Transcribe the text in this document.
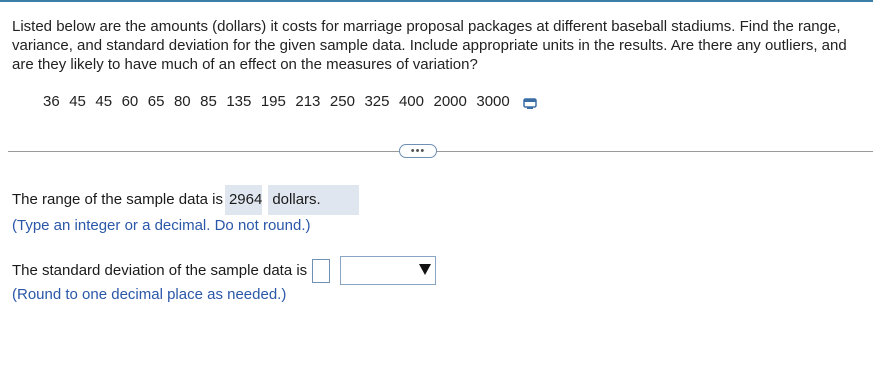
Listed below are the amounts (dollars) it costs for marriage proposal packages at different baseball stadiums. Find the range, variance, and standard deviation for the given sample data. Include appropriate units in the results. Are there any outliers, and are they likely to have much of an effect on the measures of variation?
36 45 45 60 65 80 85 135 195 213 250 325 400 2000 3000
•••
The range of the sample data is 2964 dollars.
(Type an integer or a decimal. Do not round.)
The standard deviation of the sample data is
(Round to one decimal place as needed.)
